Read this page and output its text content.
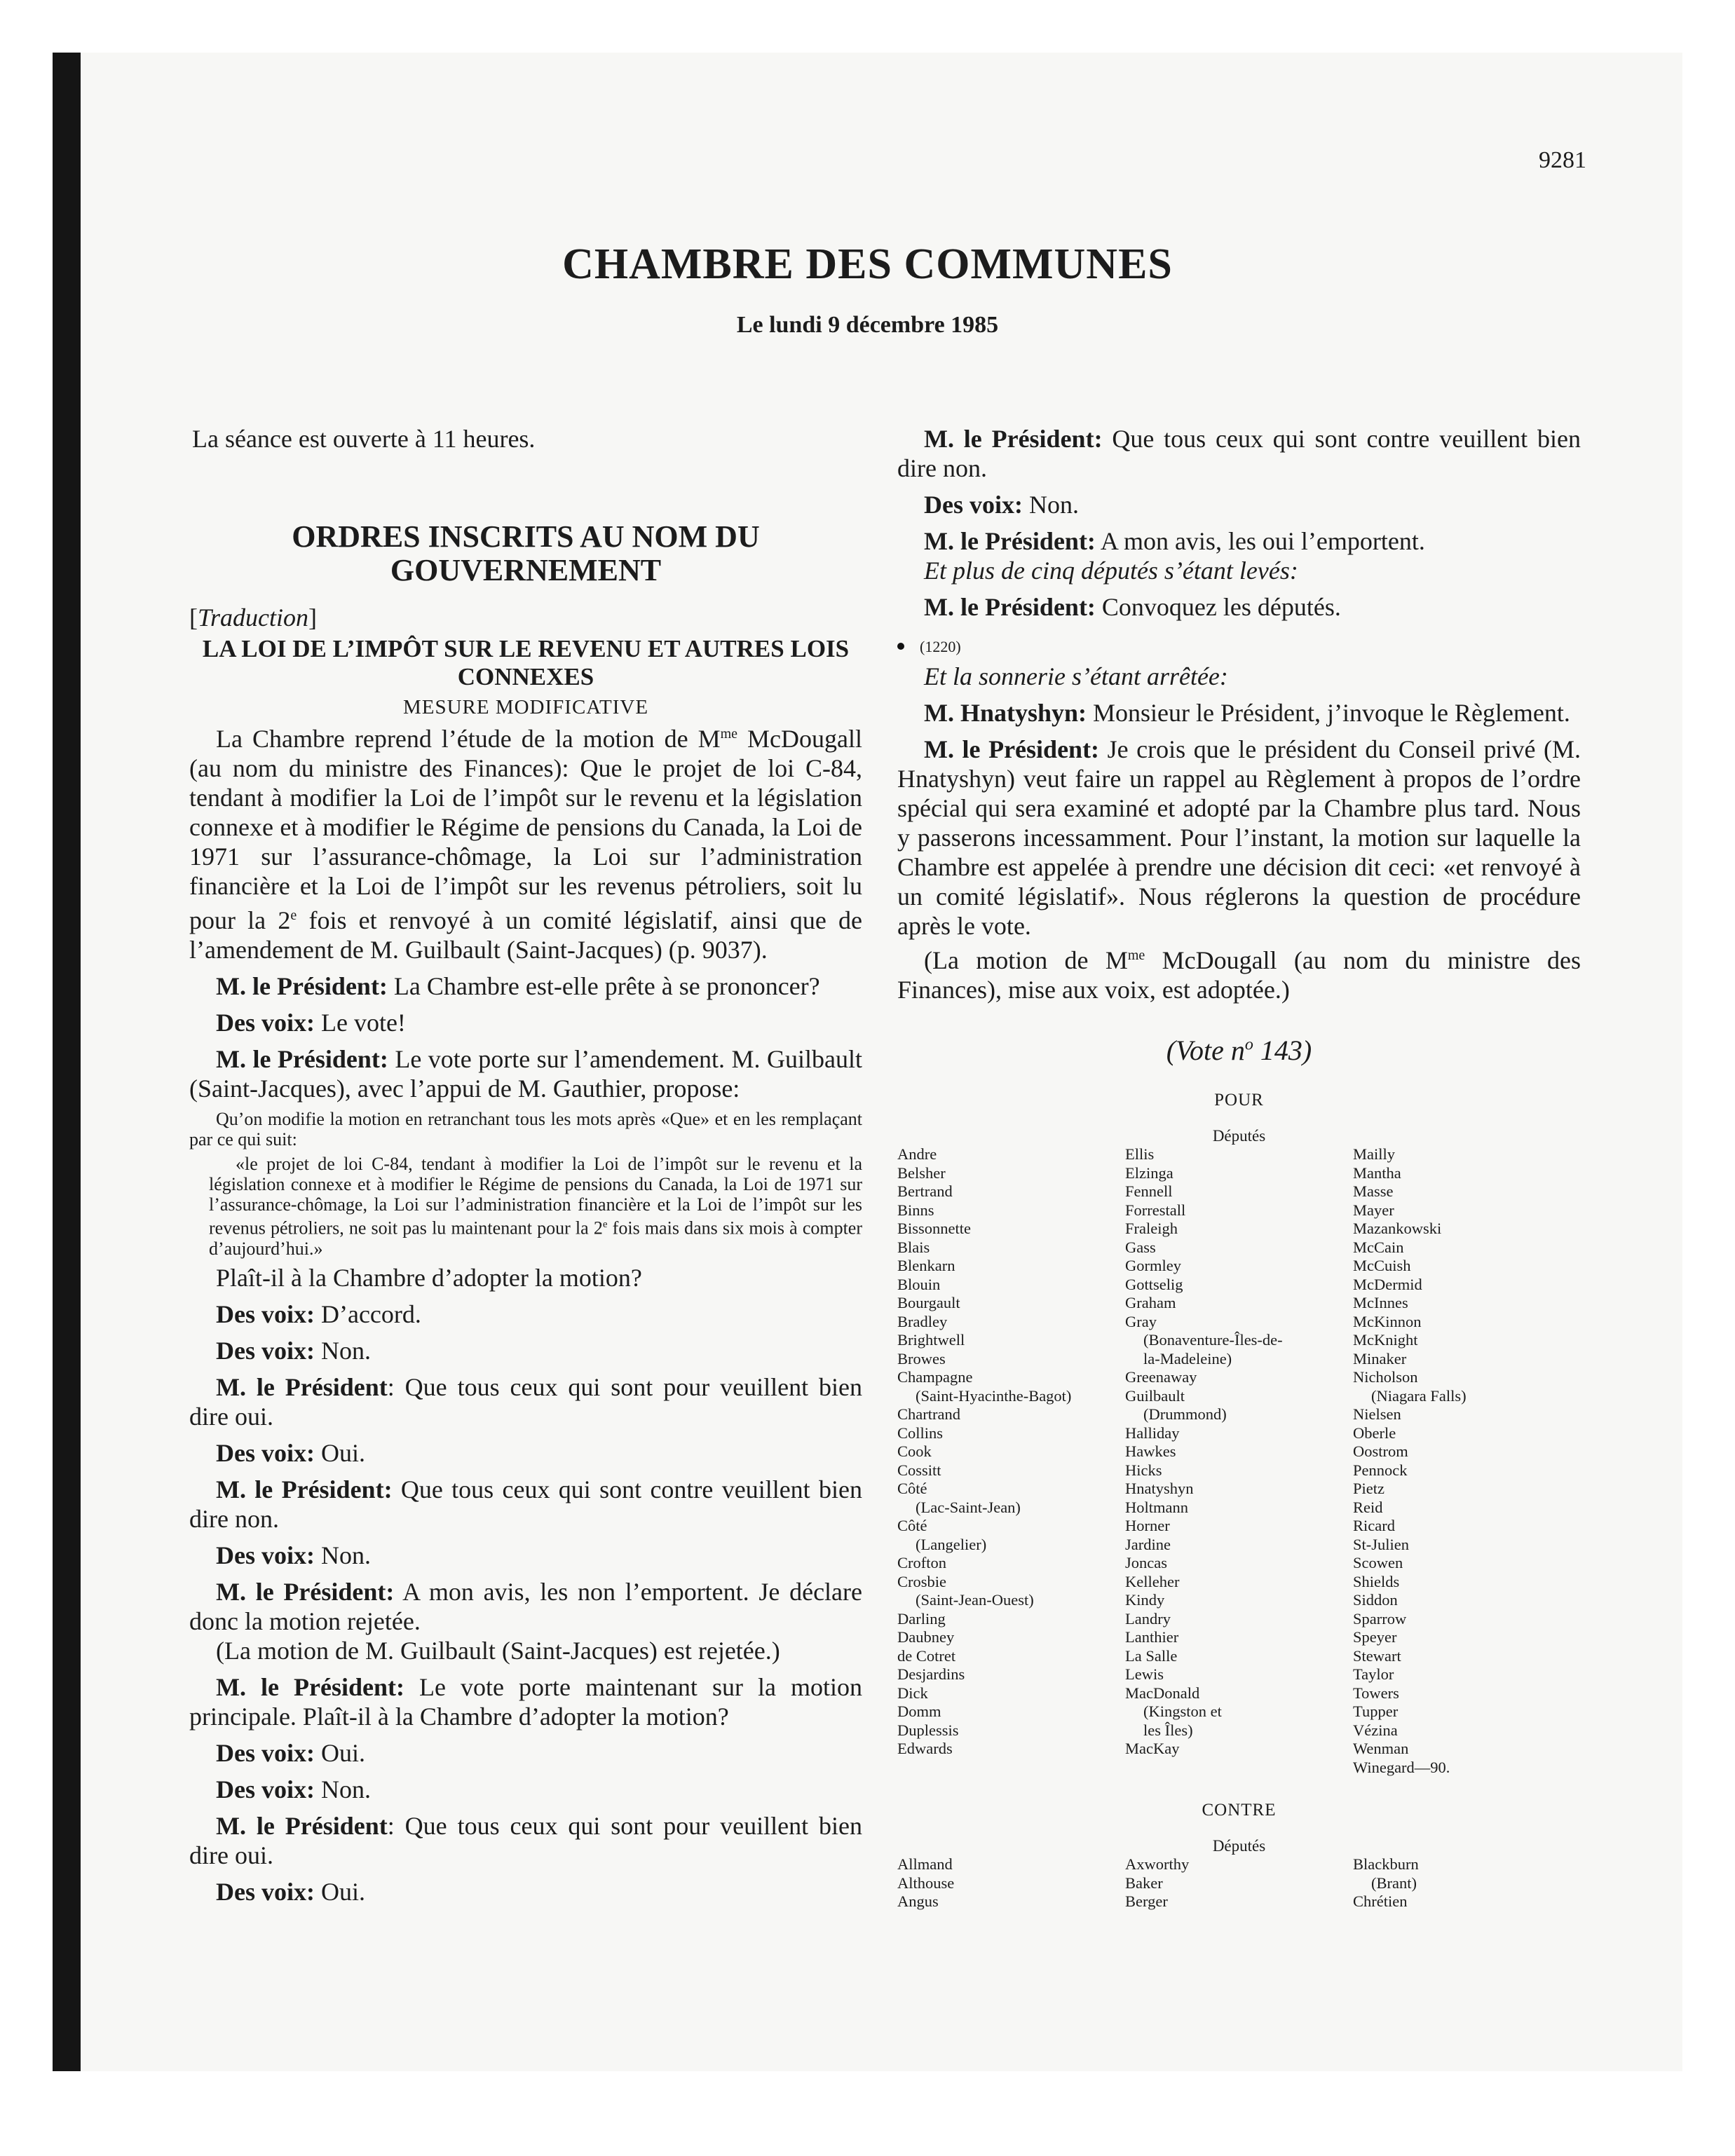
9281
CHAMBRE DES COMMUNES
Le lundi 9 décembre 1985

La séance est ouverte à 11 heures.

ORDRES INSCRITS AU NOM DU GOUVERNEMENT

[Traduction]

LA LOI DE L’IMPÔT SUR LE REVENU ET AUTRES LOIS CONNEXES

MESURE MODIFICATIVE

La Chambre reprend l’étude de la motion de $M^{me}$ McDougall (au nom du ministre des Finances): Que le projet de loi C-84, tendant à modifier la Loi de l’impôt sur le revenu et la législation connexe et à modifier le Régime de pensions du Canada, la Loi de 1971 sur l’assurance-chômage, la Loi sur l’administration financière et la Loi de l’impôt sur les revenus pétroliers, soit lu pour la 2e fois et renvoyé à un comité législatif, ainsi que de l’amendement de M. Guilbault (Saint-Jacques) (p. 9037).

M. le Président: La Chambre est-elle prête à se prononcer?

Des voix: Le vote!

M. le Président: Le vote porte sur l’amendement. M. Guilbault (Saint-Jacques), avec l’appui de M. Gauthier, propose:

Qu’on modifie la motion en retranchant tous les mots après «Que» et en les remplaçant par ce qui suit:

«le projet de loi C-84, tendant à modifier la Loi de l’impôt sur le revenu et la législation connexe et à modifier le Régime de pensions du Canada, la Loi de 1971 sur l’assurance-chômage, la Loi sur l’administration financière et la Loi de l’impôt sur les revenus pétroliers, ne soit pas lu maintenant pour la 2e fois mais dans six mois à compter d’aujourd’hui.»

Plaît-il à la Chambre d’adopter la motion?

Des voix: D’accord.

Des voix: Non.

M. le Président: Que tous ceux qui sont pour veuillent bien dire oui.

Des voix: Oui.

M. le Président: Que tous ceux qui sont contre veuillent bien dire non.

Des voix: Non.

M. le Président: A mon avis, les non l’emportent. Je déclare donc la motion rejetée.

(La motion de M. Guilbault (Saint-Jacques) est rejetée.)

M. le Président: Le vote porte maintenant sur la motion principale. Plaît-il à la Chambre d’adopter la motion?

Des voix: Oui.

Des voix: Non.

M. le Président: Que tous ceux qui sont pour veuillent bien dire oui.

Des voix: Oui.

M. le Président: Que tous ceux qui sont contre veuillent bien dire non.

Des voix: Non.

M. le Président: A mon avis, les oui l’emportent.

Et plus de cinq députés s’étant levés:

M. le Président: Convoquez les députés.

(1220)

Et la sonnerie s’étant arrêtée:

M. Hnatyshyn: Monsieur le Président, j’invoque le Règlement.

M. le Président: Je crois que le président du Conseil privé (M. Hnatyshyn) veut faire un rappel au Règlement à propos de l’ordre spécial qui sera examiné et adopté par la Chambre plus tard. Nous y passerons incessamment. Pour l’instant, la motion sur laquelle la Chambre est appelée à prendre une décision dit ceci: «et renvoyé à un comité législatif». Nous réglerons la question de procédure après le vote.

(La motion de $M^{me}$ McDougall (au nom du ministre des Finances), mise aux voix, est adoptée.)

(Vote $n^o$ 143)

POUR

Députés

Andre
Belsher
Bertrand
Binns
Bissonnette
Blais
Blenkarn
Blouin
Bourgault
Bradley
Brightwell
Browes
Champagne
(Saint-Hyacinthe-Bagot)
Chartrand
Collins
Cook
Cossitt
Côté
(Lac-Saint-Jean)
Côté
(Langelier)
Crofton
Crosbie
(Saint-Jean-Ouest)
Darling
Daubney
de Cotret
Desjardins
Dick
Domm
Duplessis
Edwards
Ellis
Elzinga
Fennell
Forrestall
Fraleigh
Gass
Gormley
Gottselig
Graham
Gray
(Bonaventure-Îles-de-
la-Madeleine)
Greenaway
Guilbault
(Drummond)
Halliday
Hawkes
Hicks
Hnatyshyn
Holtmann
Horner
Jardine
Joncas
Kelleher
Kindy
Landry
Lanthier
La Salle
Lewis
MacDonald
(Kingston et
les Îles)
MacKay
Mailly
Mantha
Masse
Mayer
Mazankowski
McCain
McCuish
McDermid
McInnes
McKinnon
McKnight
Minaker
Nicholson
(Niagara Falls)
Nielsen
Oberle
Oostrom
Pennock
Pietz
Reid
Ricard
St-Julien
Scowen
Shields
Siddon
Sparrow
Speyer
Stewart
Taylor
Towers
Tupper
Vézina
Wenman
Winegard—90.

CONTRE

Députés

Allmand
Althouse
Angus
Axworthy
Baker
Berger
Blackburn
(Brant)
Chrétien
